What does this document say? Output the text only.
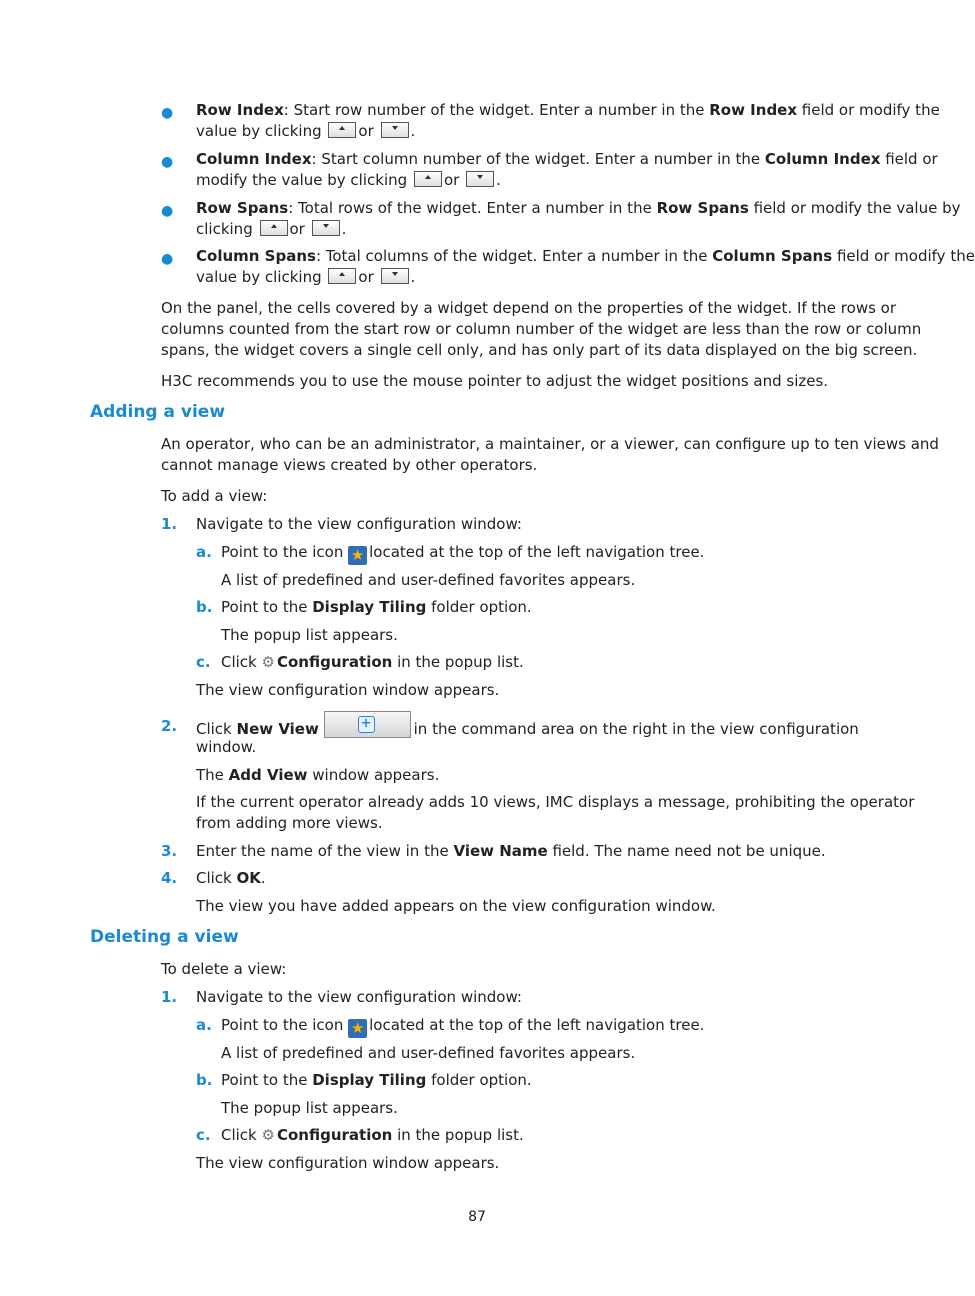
● Row Index: Start row number of the widget. Enter a number in the Row Index field or modify the
value by clicking or .
● Column Index: Start column number of the widget. Enter a number in the Column Index field or
modify the value by clicking or .
● Row Spans: Total rows of the widget. Enter a number in the Row Spans field or modify the value by
clicking or .
● Column Spans: Total columns of the widget. Enter a number in the Column Spans field or modify the
value by clicking or .
On the panel, the cells covered by a widget depend on the properties of the widget. If the rows or
columns counted from the start row or column number of the widget are less than the row or column
spans, the widget covers a single cell only, and has only part of its data displayed on the big screen.
H3C recommends you to use the mouse pointer to adjust the widget positions and sizes.
Adding a view
An operator, who can be an administrator, a maintainer, or a viewer, can configure up to ten views and
cannot manage views created by other operators.
To add a view:
1. Navigate to the view configuration window:
a. Point to the icon ★ located at the top of the left navigation tree.
A list of predefined and user-defined favorites appears.
b. Point to the Display Tiling folder option.
The popup list appears.
c. Click ⚙ Configuration in the popup list.
The view configuration window appears.
2. Click New View	+	in the command area on the right in the view configuration
window.
The Add View window appears.
If the current operator already adds 10 views, IMC displays a message, prohibiting the operator
from adding more views.
3. Enter the name of the view in the View Name field. The name need not be unique.
4. Click OK.
The view you have added appears on the view configuration window.
Deleting a view
To delete a view:
1. Navigate to the view configuration window:
a. Point to the icon ★ located at the top of the left navigation tree.
A list of predefined and user-defined favorites appears.
b. Point to the Display Tiling folder option.
The popup list appears.
c. Click ⚙ Configuration in the popup list.
The view configuration window appears.
87
